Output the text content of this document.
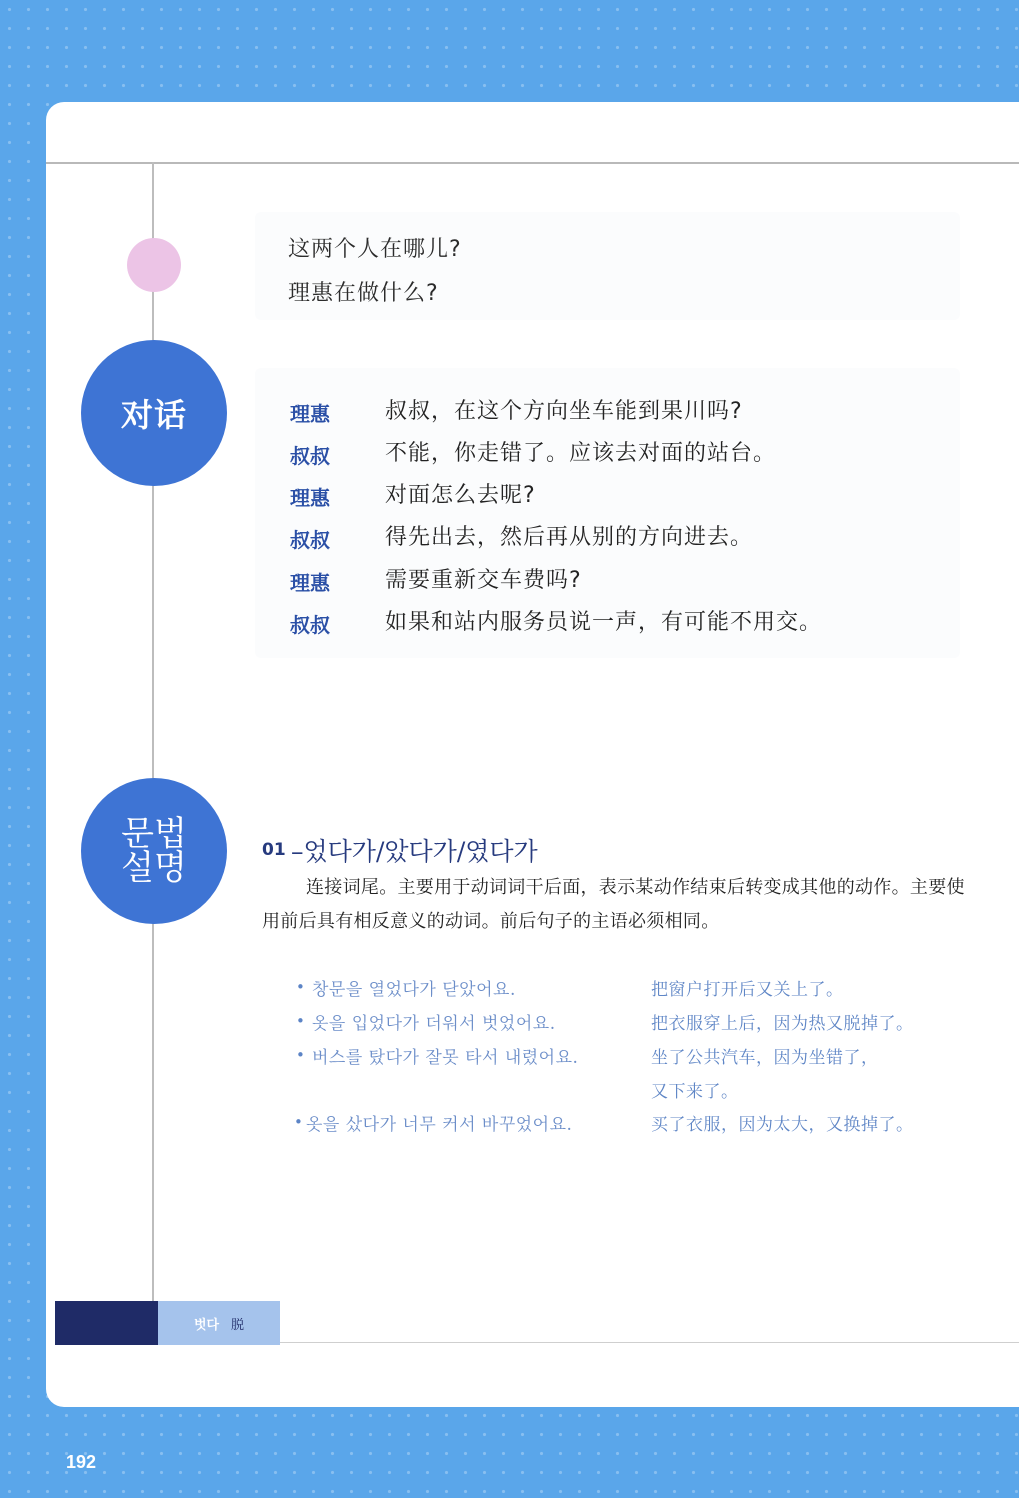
这两个人在哪儿?
理惠在做什么?
对话	理惠	叔叔，在这个方向坐车能到果川吗?
叔叔	不能，你走错了。应该去对面的站台。
理惠	对面怎么去呢?
叔叔	得先出去，然后再从别的方向进去。
理惠	需要重新交车费吗?
叔叔	如果和站内服务员说一声，有可能不用交。
문법
설명	01 –었다가/았다가/였다가
连接词尾。主要用于动词词干后面，表示某动作结束后转变成其他的动作。主要使用前后具有相反意义的动词。前后句子的主语必须相同。
• 창문을 열었다가 닫았어요.	把窗户打开后又关上了。
• 옷을 입었다가 더워서 벗었어요.	把衣服穿上后，因为热又脱掉了。
• 버스를 탔다가 잘못 타서 내렸어요.	坐了公共汽车，因为坐错了，
又下来了。
• 옷을 샀다가 너무 커서 바꾸었어요.	买了衣服，因为太大，又换掉了。
벗다 脱
192
